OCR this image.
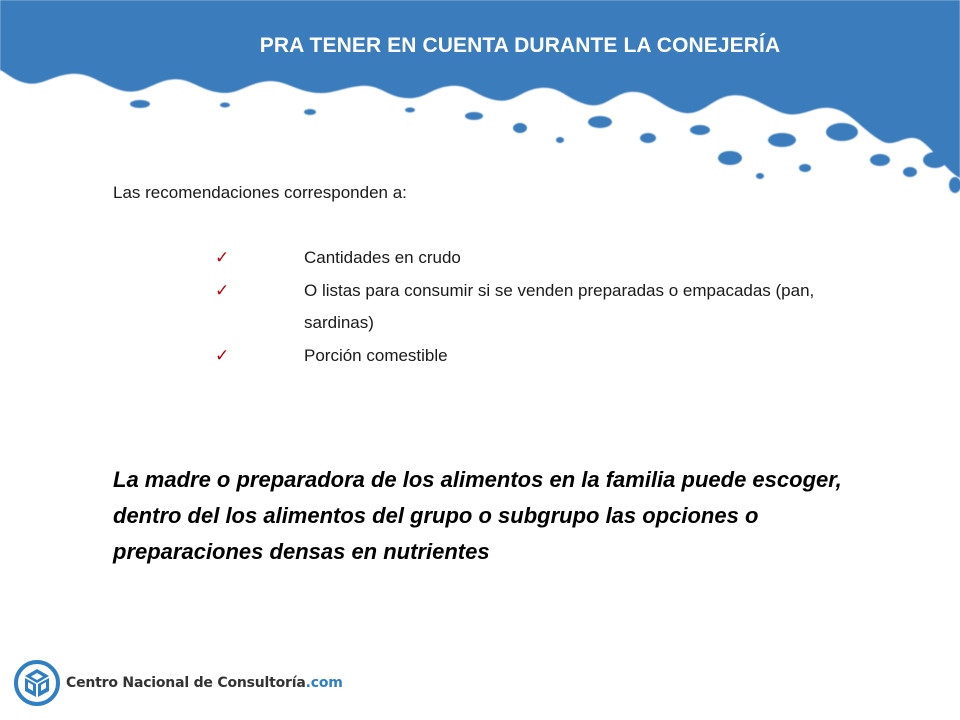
PRA TENER EN CUENTA DURANTE LA CONEJERÍA
Las recomendaciones corresponden a:
✓	Cantidades en crudo
✓	O listas para consumir si se venden preparadas o empacadas (pan, sardinas)
✓	Porción comestible

La madre o preparadora de los alimentos en la familia puede escoger, dentro del los alimentos del grupo o subgrupo las opciones o preparaciones densas en nutrientes

Centro Nacional de Consultoría.com
